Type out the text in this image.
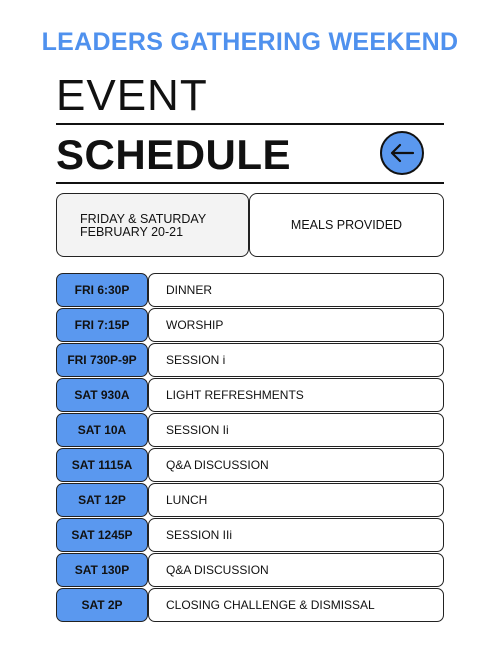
LEADERS GATHERING WEEKEND
EVENT
SCHEDULE
FRIDAY & SATURDAY
FEBRUARY 20-21	MEALS PROVIDED
FRI 6:30P	DINNER
FRI 7:15P	WORSHIP
FRI 730P-9P	SESSION i
SAT 930A	LIGHT REFRESHMENTS
SAT 10A	SESSION Ii
SAT 1115A	Q&A DISCUSSION
SAT 12P	LUNCH
SAT 1245P	SESSION IIi
SAT 130P	Q&A DISCUSSION
SAT 2P	CLOSING CHALLENGE & DISMISSAL
